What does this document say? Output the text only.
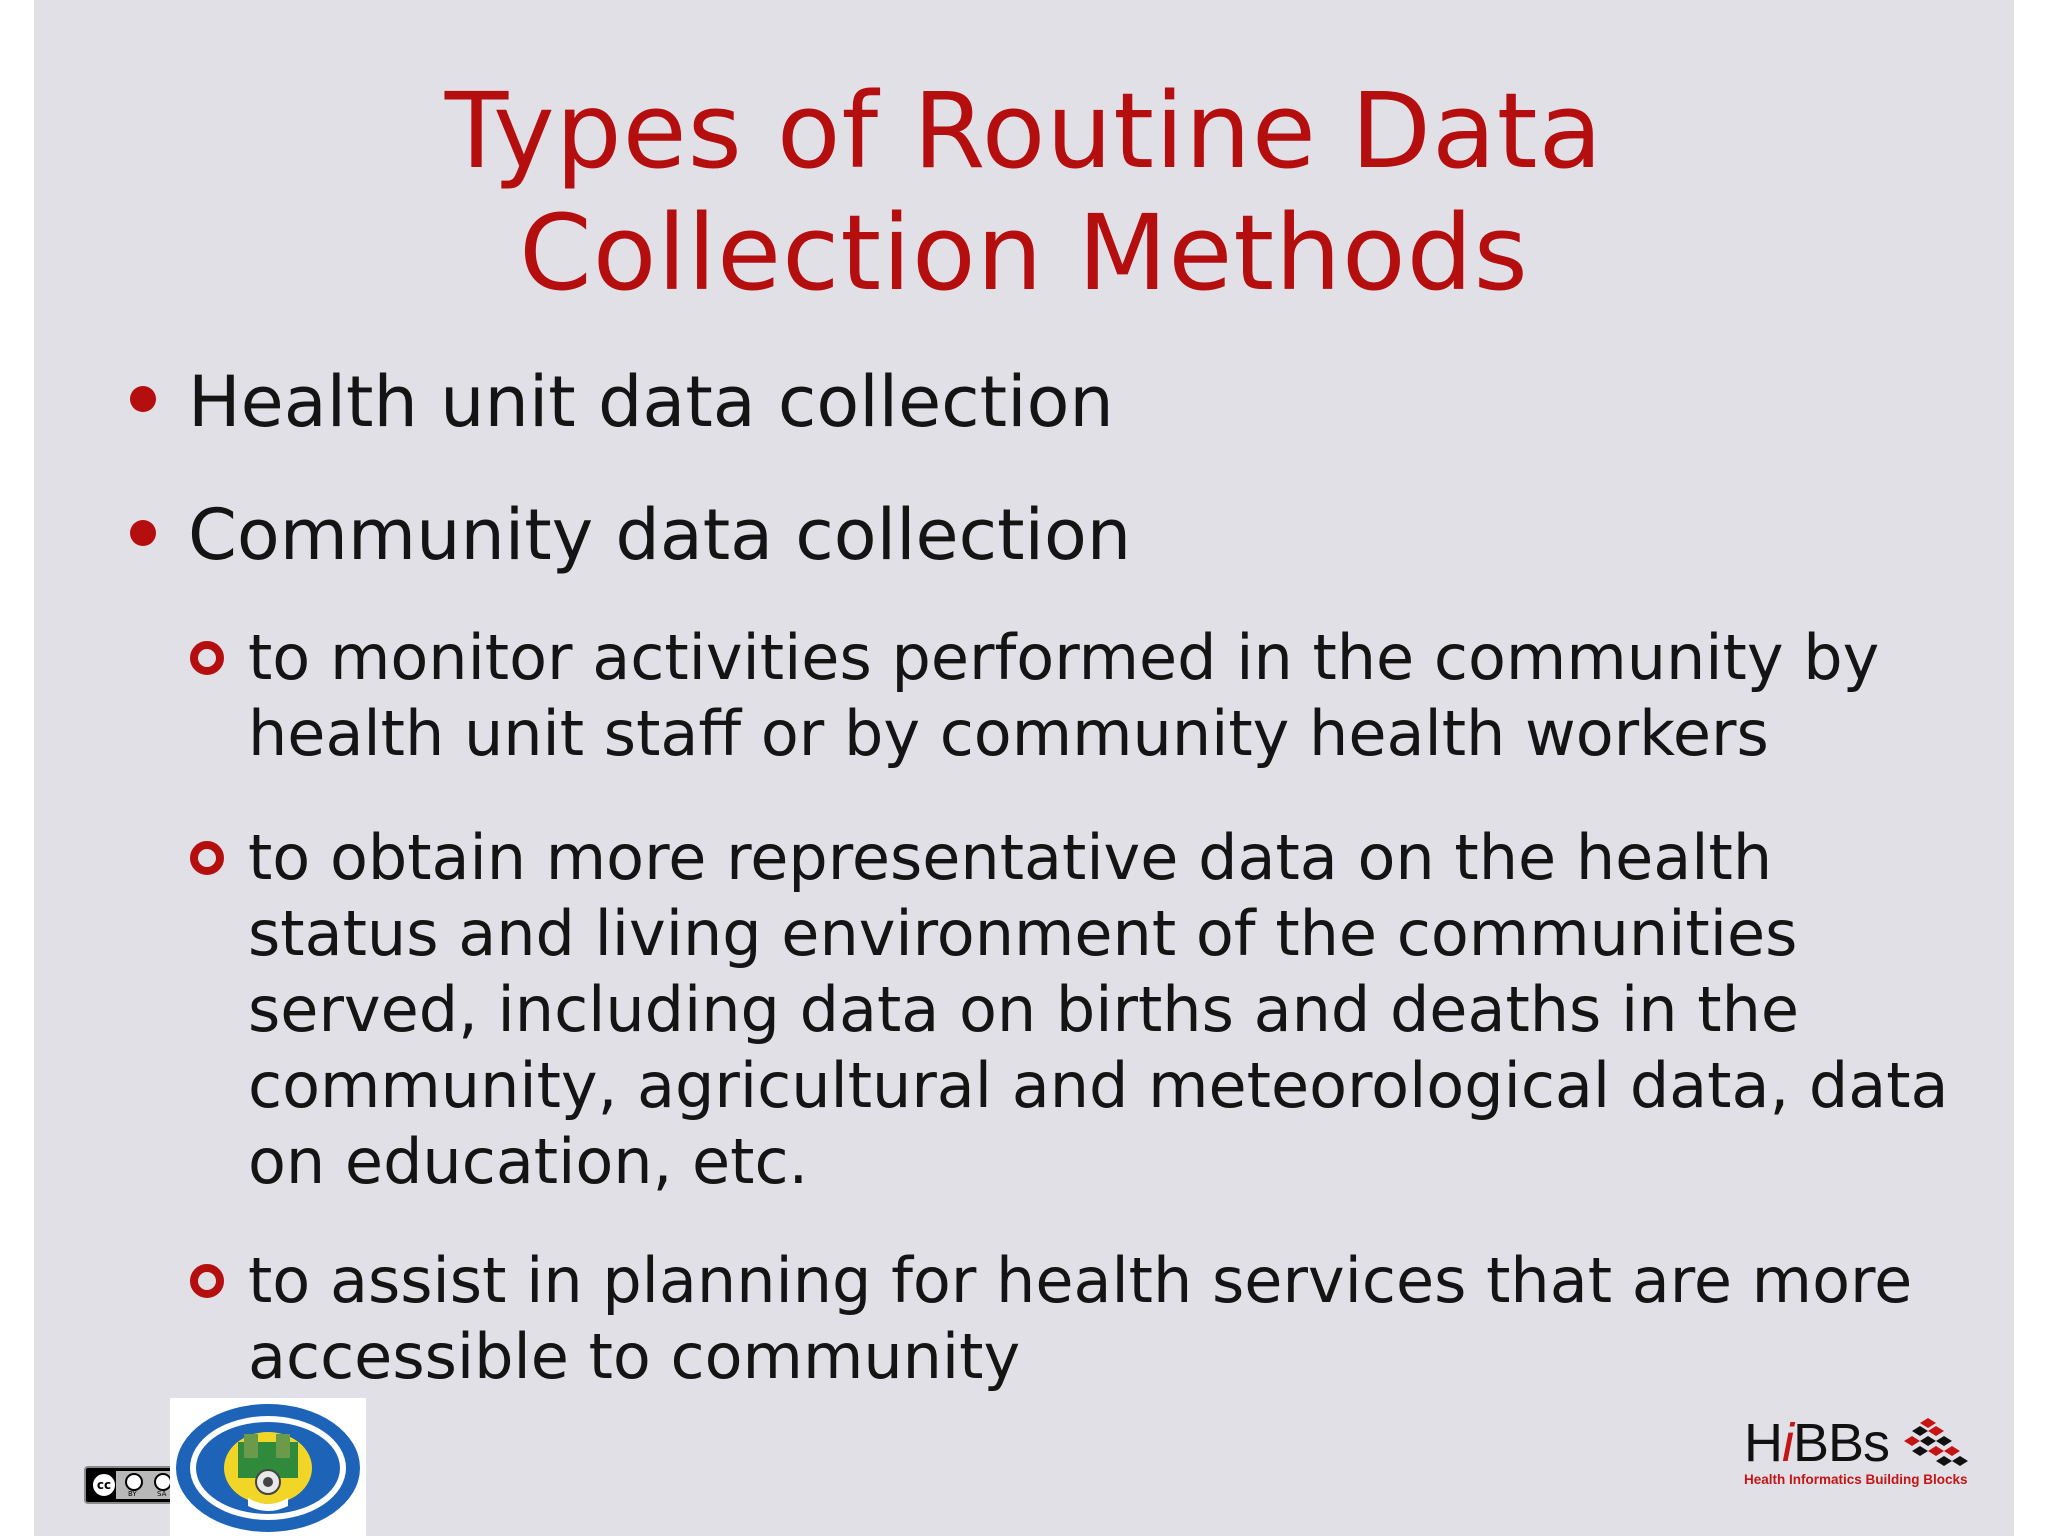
Types of Routine Data
Collection Methods
Health unit data collection
Community data collection
to monitor activities performed in the community by
health unit staff or by community health workers
to obtain more representative data on the health
status and living environment of the communities
served, including data on births and deaths in the
community, agricultural and meteorological data, data
on education, etc.
to assist in planning for health services that are more
accessible to community
cc
BY	SA
HiBBs
Health Informatics Building Blocks
